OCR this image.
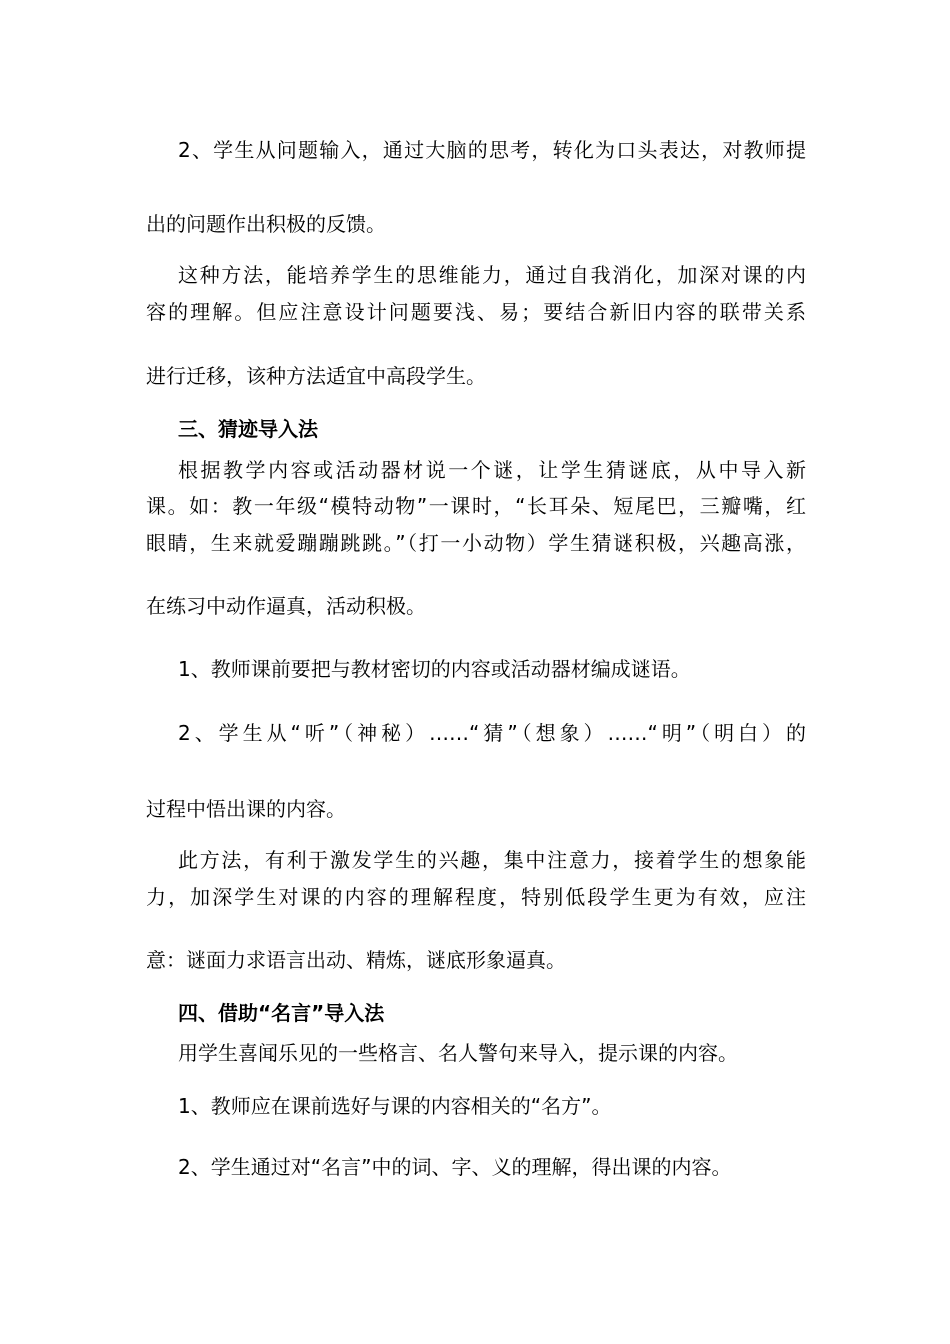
2、学生从问题输入，通过大脑的思考，转化为口头表达，对教师提
出的问题作出积极的反馈。
这种方法，能培养学生的思维能力，通过自我消化，加深对课的内
容的理解。但应注意设计问题要浅、易；要结合新旧内容的联带关系
进行迁移，该种方法适宜中高段学生。
三、猜迹导入法
根据教学内容或活动器材说一个谜，让学生猜谜底，从中导入新
课。如：教一年级“模特动物”一课时，“长耳朵、短尾巴，三瓣嘴，红
眼睛，生来就爱蹦蹦跳跳。”（打一小动物）学生猜谜积极，兴趣高涨，
在练习中动作逼真，活动积极。
1、教师课前要把与教材密切的内容或活动器材编成谜语。
2、学生从“听”（神秘）……“猜”（想象）……“明”（明白）的
过程中悟出课的内容。
此方法，有利于激发学生的兴趣，集中注意力，接着学生的想象能
力，加深学生对课的内容的理解程度，特别低段学生更为有效，应注
意：谜面力求语言出动、精炼，谜底形象逼真。
四、借助“名言”导入法
用学生喜闻乐见的一些格言、名人警句来导入，提示课的内容。
1、教师应在课前选好与课的内容相关的“名方”。
2、学生通过对“名言”中的词、字、义的理解，得出课的内容。
